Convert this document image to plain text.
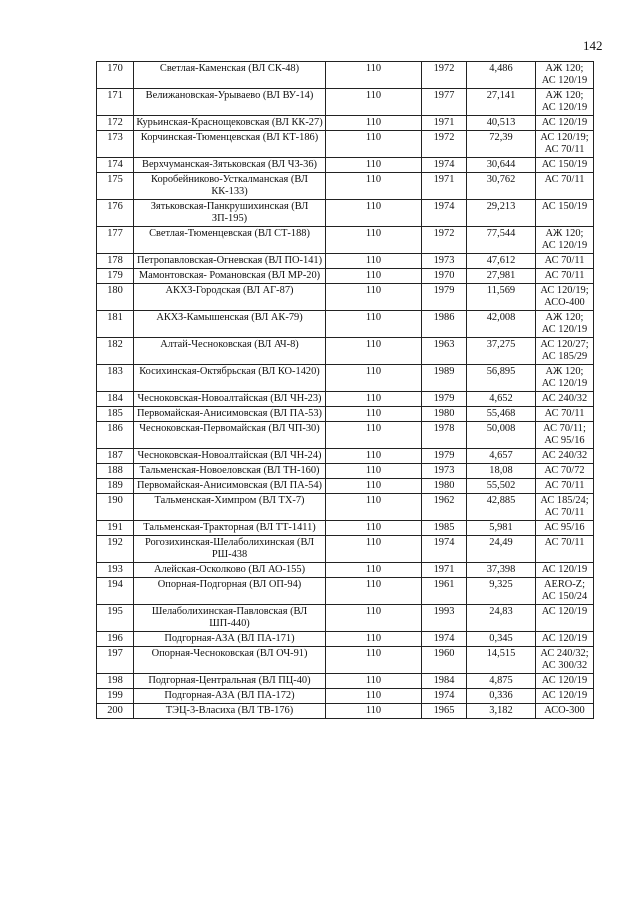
142
170	Светлая-Каменская (ВЛ СК-48)	110	1972	4,486	АЖ 120; АС 120/19
171	Велижановская-Урываево (ВЛ ВУ-14)	110	1977	27,141	АЖ 120; АС 120/19
172	Курьинская-Краснощековская (ВЛ КК-27)	110	1971	40,513	АС 120/19
173	Корчинская-Тюменцевская (ВЛ КТ-186)	110	1972	72,39	АС 120/19; АС 70/11
174	Верхчуманская-Зятьковская (ВЛ ЧЗ-36)	110	1974	30,644	АС 150/19
175	Коробейниково-Усткалманская (ВЛ КК-133)	110	1971	30,762	АС 70/11
176	Зятьковская-Панкрушихинская (ВЛ ЗП-195)	110	1974	29,213	АС 150/19
177	Светлая-Тюменцевская (ВЛ СТ-188)	110	1972	77,544	АЖ 120; АС 120/19
178	Петропавловская-Огневская (ВЛ ПО-141)	110	1973	47,612	АС 70/11
179	Мамонтовская- Романовская (ВЛ МР-20)	110	1970	27,981	АС 70/11
180	АКХЗ-Городская (ВЛ АГ-87)	110	1979	11,569	АС 120/19; АСО-400
181	АКХЗ-Камышенская (ВЛ АК-79)	110	1986	42,008	АЖ 120; АС 120/19
182	Алтай-Чесноковская (ВЛ АЧ-8)	110	1963	37,275	АС 120/27; АС 185/29
183	Косихинская-Октябрьская (ВЛ КО-1420)	110	1989	56,895	АЖ 120; АС 120/19
184	Чесноковская-Новоалтайская (ВЛ ЧН-23)	110	1979	4,652	АС 240/32
185	Первомайская-Анисимовская (ВЛ ПА-53)	110	1980	55,468	АС 70/11
186	Чесноковская-Первомайская (ВЛ ЧП-30)	110	1978	50,008	АС 70/11; АС 95/16
187	Чесноковская-Новоалтайская (ВЛ ЧН-24)	110	1979	4,657	АС 240/32
188	Тальменская-Новоеловская (ВЛ ТН-160)	110	1973	18,08	АС 70/72
189	Первомайская-Анисимовская (ВЛ ПА-54)	110	1980	55,502	АС 70/11
190	Тальменская-Химпром (ВЛ ТХ-7)	110	1962	42,885	АС 185/24; АС 70/11
191	Тальменская-Тракторная (ВЛ ТТ-1411)	110	1985	5,981	АС 95/16
192	Рогозихинская-Шелаболихинская (ВЛ РШ-438	110	1974	24,49	АС 70/11
193	Алейская-Осколково (ВЛ АО-155)	110	1971	37,398	АС 120/19
194	Опорная-Подгорная (ВЛ ОП-94)	110	1961	9,325	AERO-Z; АС 150/24
195	Шелаболихинская-Павловская (ВЛ ШП-440)	110	1993	24,83	АС 120/19
196	Подгорная-АЗА (ВЛ ПА-171)	110	1974	0,345	АС 120/19
197	Опорная-Чесноковская (ВЛ ОЧ-91)	110	1960	14,515	АС 240/32; АС 300/32
198	Подгорная-Центральная (ВЛ ПЦ-40)	110	1984	4,875	АС 120/19
199	Подгорная-АЗА (ВЛ ПА-172)	110	1974	0,336	АС 120/19
200	ТЭЦ-3-Власиха (ВЛ ТВ-176)	110	1965	3,182	АСО-300
